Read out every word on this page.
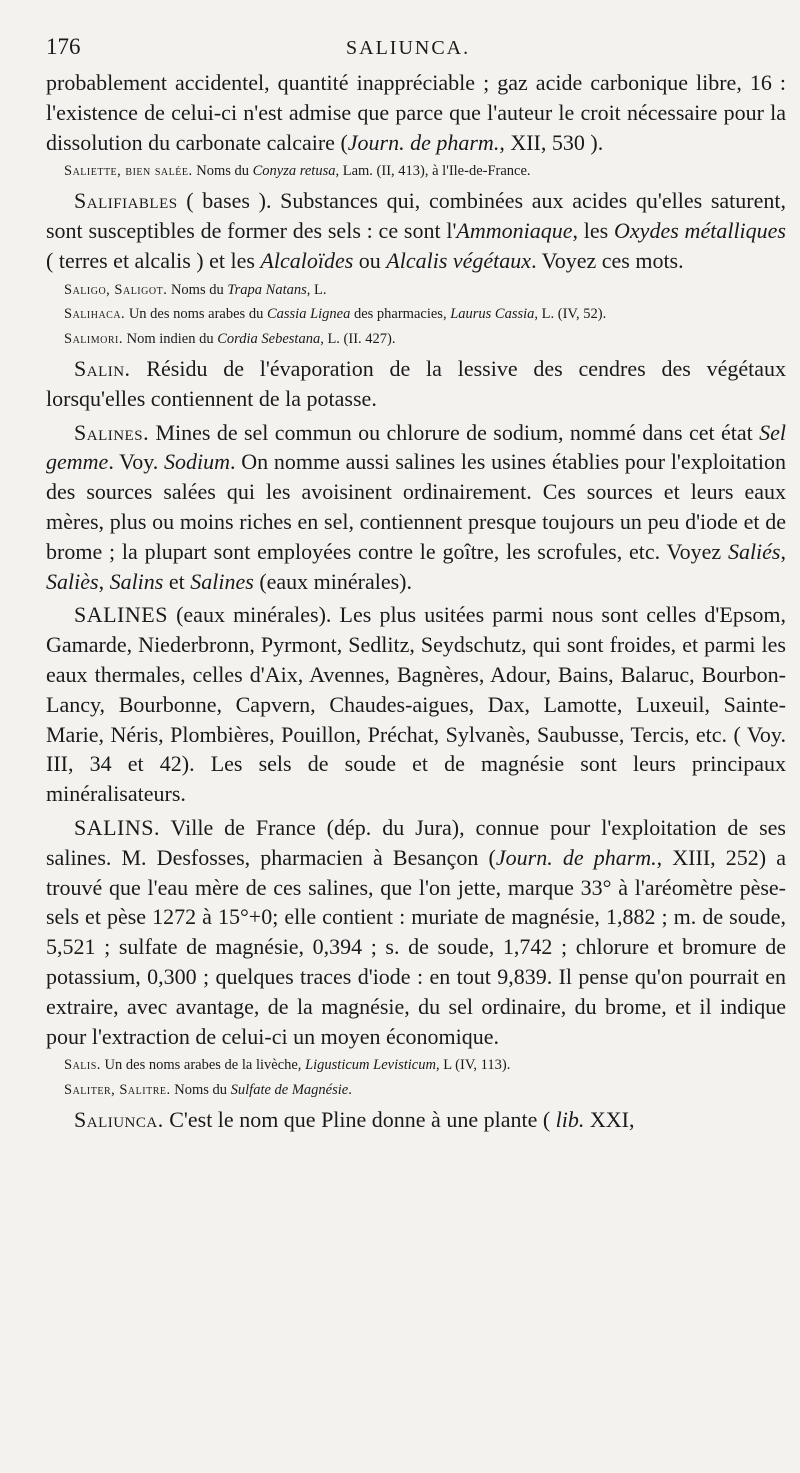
176	SALIUNCA.

probablement accidentel, quantité inappréciable ; gaz acide carbonique libre, 16 : l'existence de celui-ci n'est admise que parce que l'auteur le croit nécessaire pour la dissolution du carbonate calcaire (Journ. de pharm., XII, 530 ).

Saliette, bien salée. Noms du Conyza retusa, Lam. (II, 413), à l'Ile-de-France.

Salifiables ( bases ). Substances qui, combinées aux acides qu'elles saturent, sont susceptibles de former des sels : ce sont l'Ammoniaque, les Oxydes métalliques ( terres et alcalis ) et les Alcaloïdes ou Alcalis végétaux. Voyez ces mots.

Saligo, Saligot. Noms du Trapa Natans, L.

Salihaca. Un des noms arabes du Cassia Lignea des pharmacies, Laurus Cassia, L. (IV, 52).

Salimori. Nom indien du Cordia Sebestana, L. (II. 427).

Salin. Résidu de l'évaporation de la lessive des cendres des végétaux lorsqu'elles contiennent de la potasse.

Salines. Mines de sel commun ou chlorure de sodium, nommé dans cet état Sel gemme. Voy. Sodium. On nomme aussi salines les usines établies pour l'exploitation des sources salées qui les avoisinent ordinairement. Ces sources et leurs eaux mères, plus ou moins riches en sel, contiennent presque toujours un peu d'iode et de brome ; la plupart sont employées contre le goître, les scrofules, etc. Voyez Saliés, Saliès, Salins et Salines (eaux minérales).

SALINES (eaux minérales). Les plus usitées parmi nous sont celles d'Epsom, Gamarde, Niederbronn, Pyrmont, Sedlitz, Seydschutz, qui sont froides, et parmi les eaux thermales, celles d'Aix, Avennes, Bagnères, Adour, Bains, Balaruc, Bourbon-Lancy, Bourbonne, Capvern, Chaudes-aigues, Dax, Lamotte, Luxeuil, Sainte-Marie, Néris, Plombières, Pouillon, Préchat, Sylvanès, Saubusse, Tercis, etc. ( Voy. III, 34 et 42). Les sels de soude et de magnésie sont leurs principaux minéralisateurs.

SALINS. Ville de France (dép. du Jura), connue pour l'exploitation de ses salines. M. Desfosses, pharmacien à Besançon (Journ. de pharm., XIII, 252) a trouvé que l'eau mère de ces salines, que l'on jette, marque 33° à l'aréomètre pèse-sels et pèse 1272 à 15°+0; elle contient : muriate de magnésie, 1,882 ; m. de soude, 5,521 ; sulfate de magnésie, 0,394 ; s. de soude, 1,742 ; chlorure et bromure de potassium, 0,300 ; quelques traces d'iode : en tout 9,839. Il pense qu'on pourrait en extraire, avec avantage, de la magnésie, du sel ordinaire, du brome, et il indique pour l'extraction de celui-ci un moyen économique.

Salis. Un des noms arabes de la livèche, Ligusticum Levisticum, L (IV, 113).

Saliter, Salitre. Noms du Sulfate de Magnésie.

Saliunca. C'est le nom que Pline donne à une plante ( lib. XXI,
